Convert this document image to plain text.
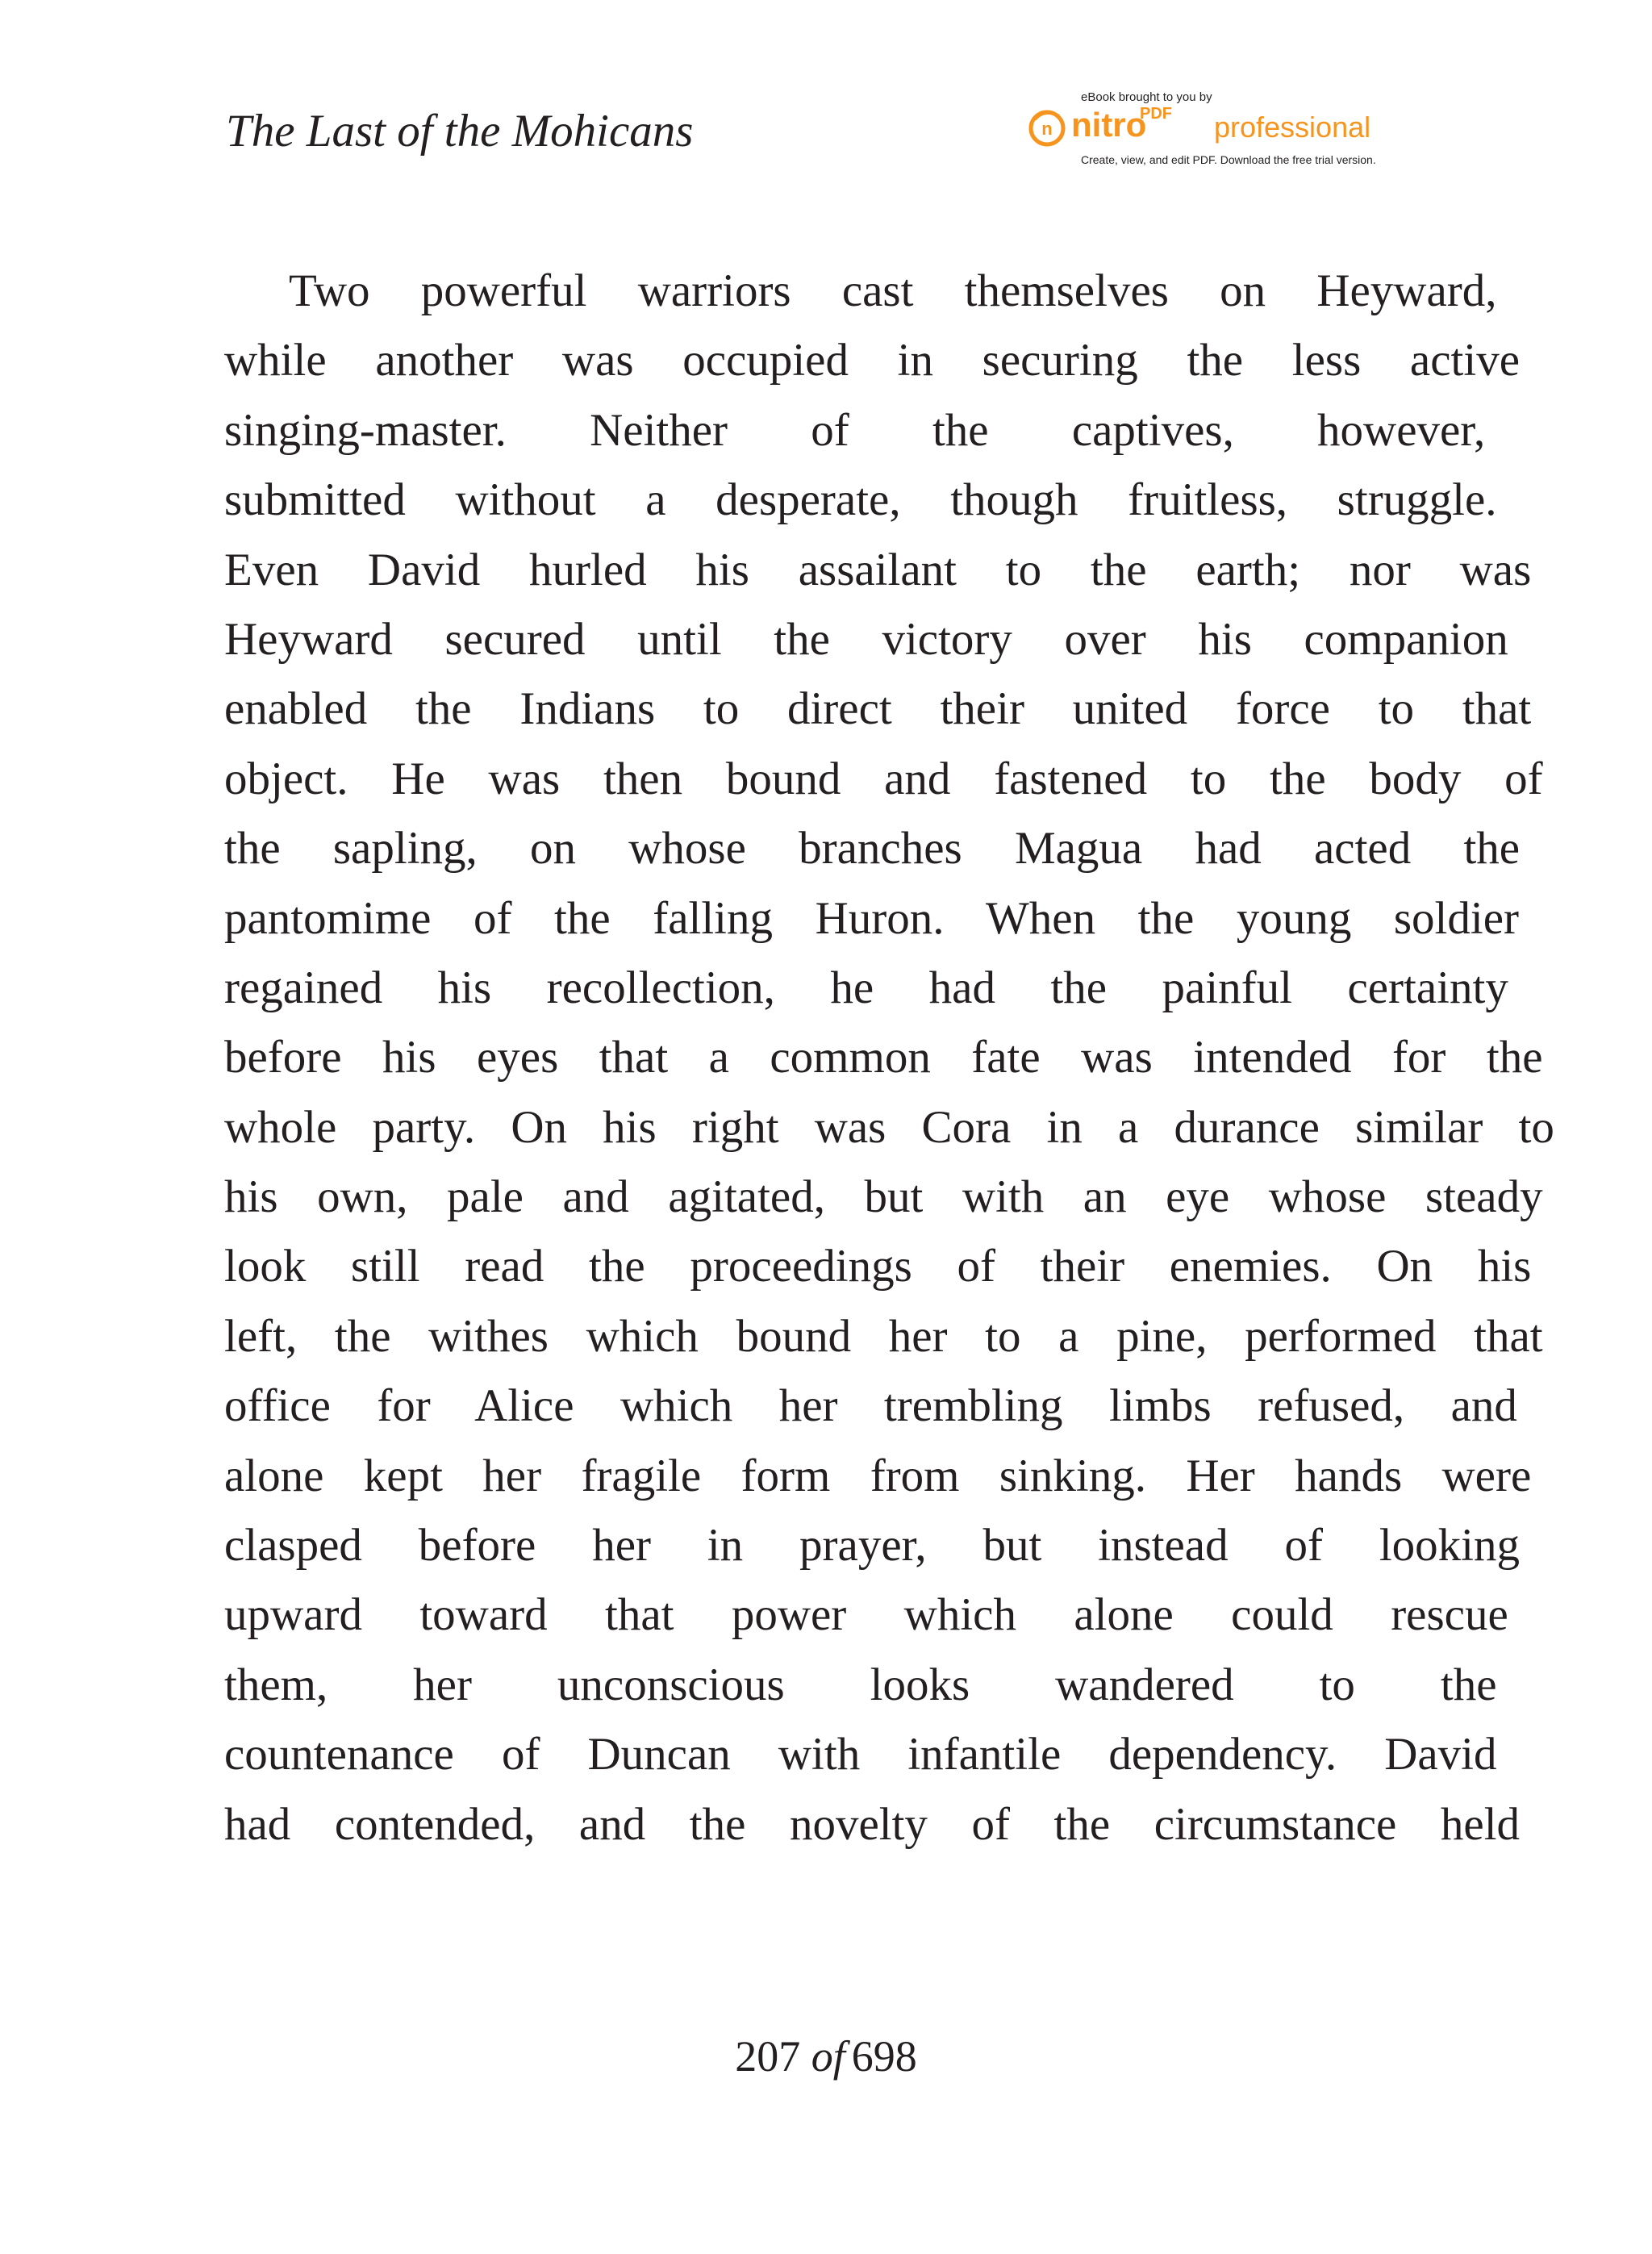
The Last of the Mohicans
eBook brought to you by
n nitro
PDF professional
Create, view, and edit PDF. Download the free trial version.
Two powerful warriors cast themselves on Heyward,
while another was occupied in securing the less active
singing-master. Neither of the captives, however,
submitted without a desperate, though fruitless, struggle.
Even David hurled his assailant to the earth; nor was
Heyward secured until the victory over his companion
enabled the Indians to direct their united force to that
object. He was then bound and fastened to the body of
the sapling, on whose branches Magua had acted the
pantomime of the falling Huron. When the young soldier
regained his recollection, he had the painful certainty
before his eyes that a common fate was intended for the
whole party. On his right was Cora in a durance similar to
his own, pale and agitated, but with an eye whose steady
look still read the proceedings of their enemies. On his
left, the withes which bound her to a pine, performed that
office for Alice which her trembling limbs refused, and
alone kept her fragile form from sinking. Her hands were
clasped before her in prayer, but instead of looking
upward toward that power which alone could rescue
them, her unconscious looks wandered to the
countenance of Duncan with infantile dependency. David
had contended, and the novelty of the circumstance held
207 of 698
